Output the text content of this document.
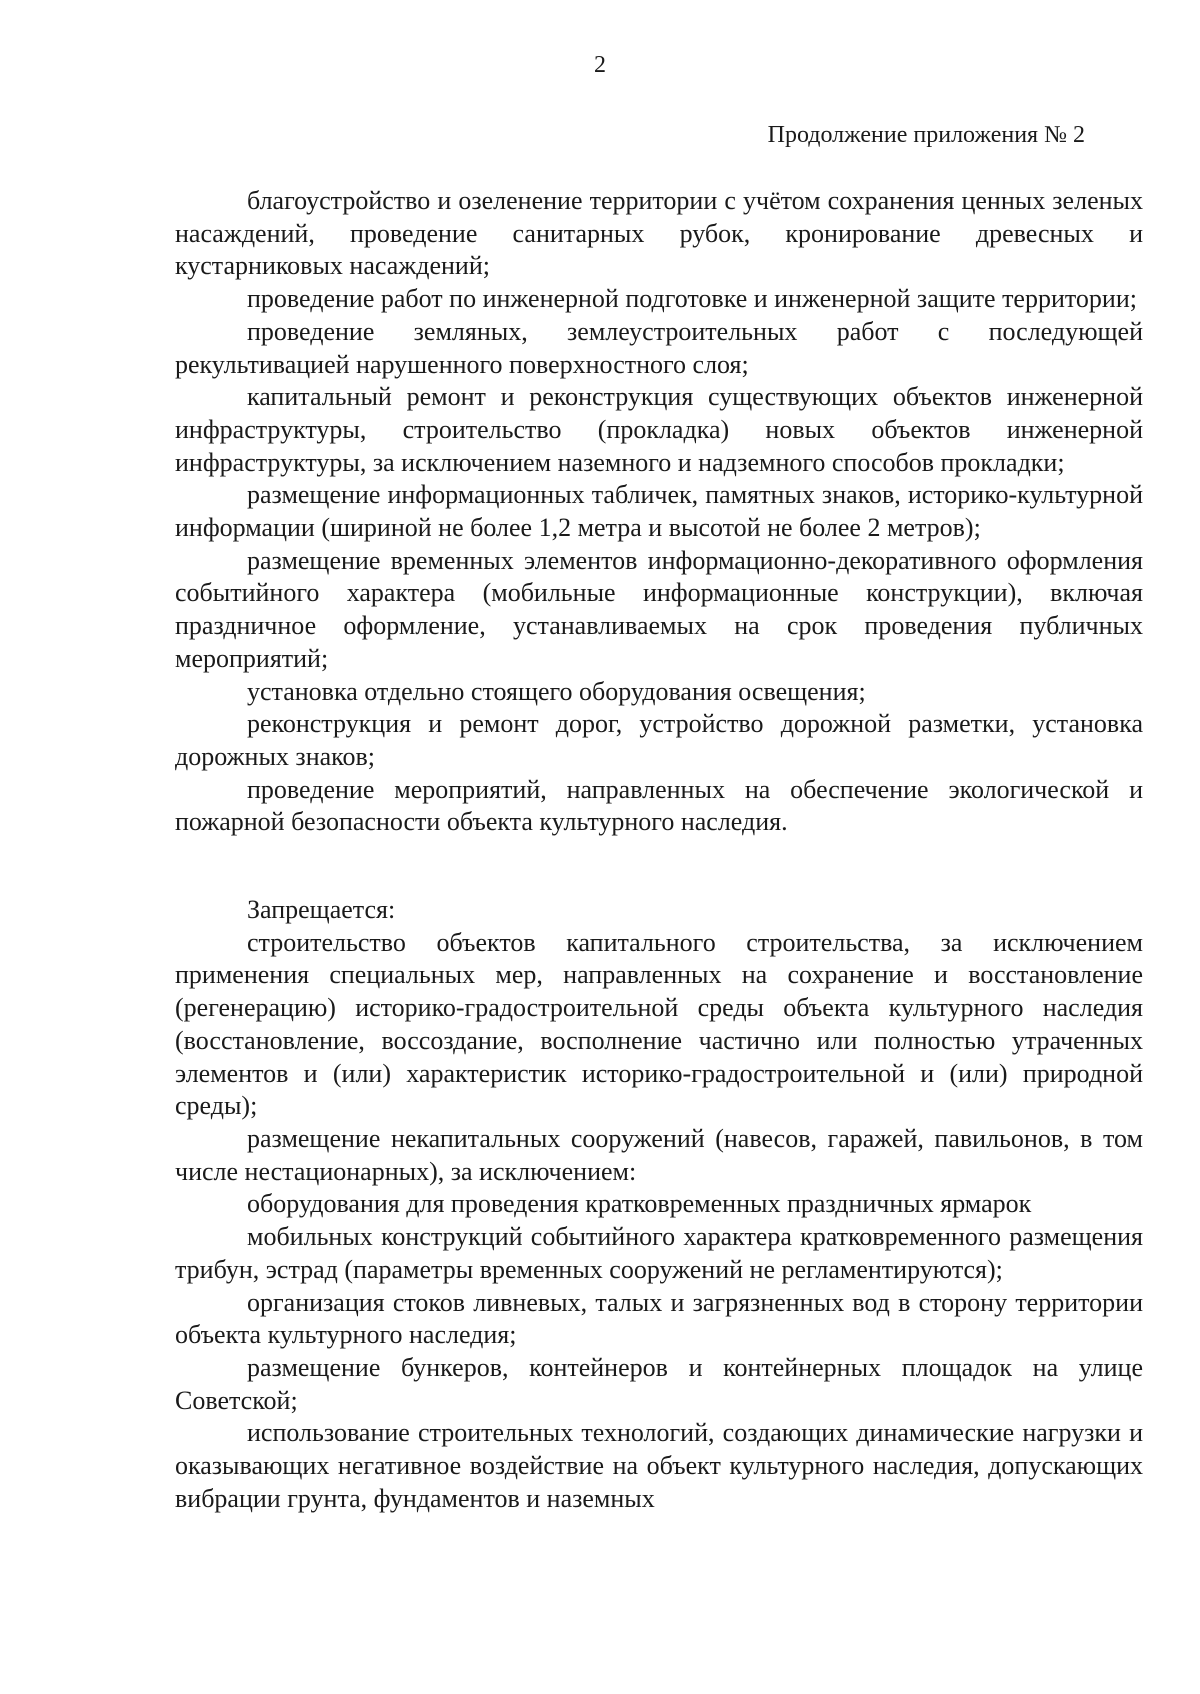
2
Продолжение приложения № 2

благоустройство и озеленение территории с учётом сохранения ценных зеленых насаждений, проведение санитарных рубок, кронирование древесных и кустарниковых насаждений;

проведение работ по инженерной подготовке и инженерной защите территории;

проведение земляных, землеустроительных работ с последующей рекультивацией нарушенного поверхностного слоя;

капитальный ремонт и реконструкция существующих объектов инженерной инфраструктуры, строительство (прокладка) новых объектов инженерной инфраструктуры, за исключением наземного и надземного способов прокладки;

размещение информационных табличек, памятных знаков, историко-культурной информации (шириной не более 1,2 метра и высотой не более 2 метров);

размещение временных элементов информационно-декоративного оформления событийного характера (мобильные информационные конструкции), включая праздничное оформление, устанавливаемых на срок проведения публичных мероприятий;

установка отдельно стоящего оборудования освещения;

реконструкция и ремонт дорог, устройство дорожной разметки, установка дорожных знаков;

проведение мероприятий, направленных на обеспечение экологической и пожарной безопасности объекта культурного наследия.

Запрещается:

строительство объектов капитального строительства, за исключением применения специальных мер, направленных на сохранение и восстановление (регенерацию) историко-градостроительной среды объекта культурного наследия (восстановление, воссоздание, восполнение частично или полностью утраченных элементов и (или) характеристик историко-градостроительной и (или) природной среды);

размещение некапитальных сооружений (навесов, гаражей, павильонов, в том числе нестационарных), за исключением:

оборудования для проведения кратковременных праздничных ярмарок

мобильных конструкций событийного характера кратковременного размещения трибун, эстрад (параметры временных сооружений не регламентируются);

организация стоков ливневых, талых и загрязненных вод в сторону территории объекта культурного наследия;

размещение бункеров, контейнеров и контейнерных площадок на улице Советской;

использование строительных технологий, создающих динамические нагрузки и оказывающих негативное воздействие на объект культурного наследия, допускающих вибрации грунта, фундаментов и наземных
